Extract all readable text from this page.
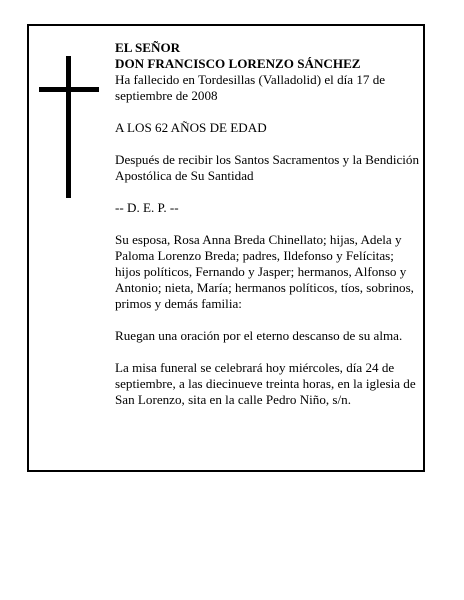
EL SEÑOR

DON FRANCISCO LORENZO SÁNCHEZ

Ha fallecido en Tordesillas (Valladolid) el día 17 de septiembre de 2008

A LOS 62 AÑOS DE EDAD

Después de recibir los Santos Sacramentos y la Bendición Apostólica de Su Santidad

-- D. E. P. --

Su esposa, Rosa Anna Breda Chinellato; hijas, Adela y Paloma Lorenzo Breda; padres, Ildefonso y Felícitas; hijos políticos, Fernando y Jasper; hermanos, Alfonso y Antonio; nieta, María; hermanos políticos, tíos, sobrinos, primos y demás familia:

Ruegan una oración por el eterno descanso de su alma.

La misa funeral se celebrará hoy miércoles, día 24 de septiembre, a las diecinueve treinta horas, en la iglesia de San Lorenzo, sita en la calle Pedro Niño, s/n.
